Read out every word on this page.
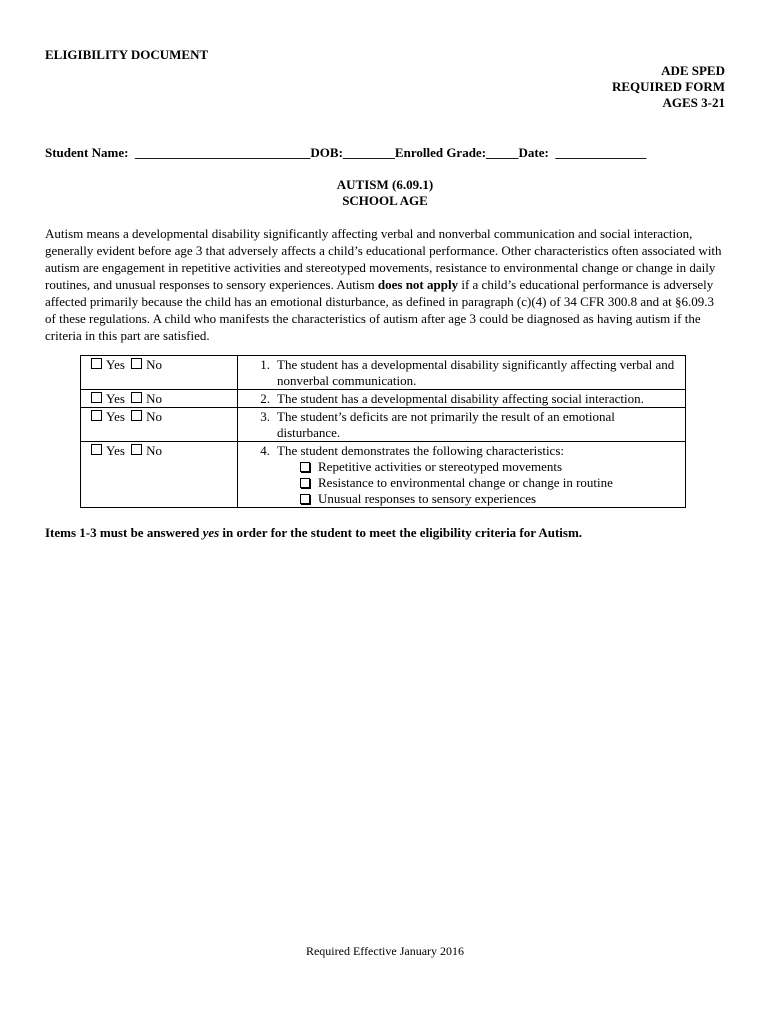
ELIGIBILITY DOCUMENT
ADE SPED
REQUIRED FORM
AGES 3-21
Student Name:  ___________________________DOB:________Enrolled Grade:_____Date:  ______________
AUTISM (6.09.1)
SCHOOL AGE
Autism means a developmental disability significantly affecting verbal and nonverbal communication and social interaction, generally evident before age 3 that adversely affects a child’s educational performance. Other characteristics often associated with autism are engagement in repetitive activities and stereotyped movements, resistance to environmental change or change in daily routines, and unusual responses to sensory experiences. Autism does not apply if a child’s educational performance is adversely affected primarily because the child has an emotional disturbance, as defined in paragraph (c)(4) of 34 CFR 300.8 and at §6.09.3 of these regulations. A child who manifests the characteristics of autism after age 3 could be diagnosed as having autism if the criteria in this part are satisfied.
Yes No	1. The student has a developmental disability significantly affecting verbal and nonverbal communication.

Yes No	2. The student has a developmental disability affecting social interaction.

Yes No	3. The student’s deficits are not primarily the result of an emotional disturbance.

Yes No	4. The student demonstrates the following characteristics:
Repetitive activities or stereotyped movements
Resistance to environmental change or change in routine
Unusual responses to sensory experiences
Items 1-3 must be answered yes in order for the student to meet the eligibility criteria for Autism.
Required Effective January 2016
